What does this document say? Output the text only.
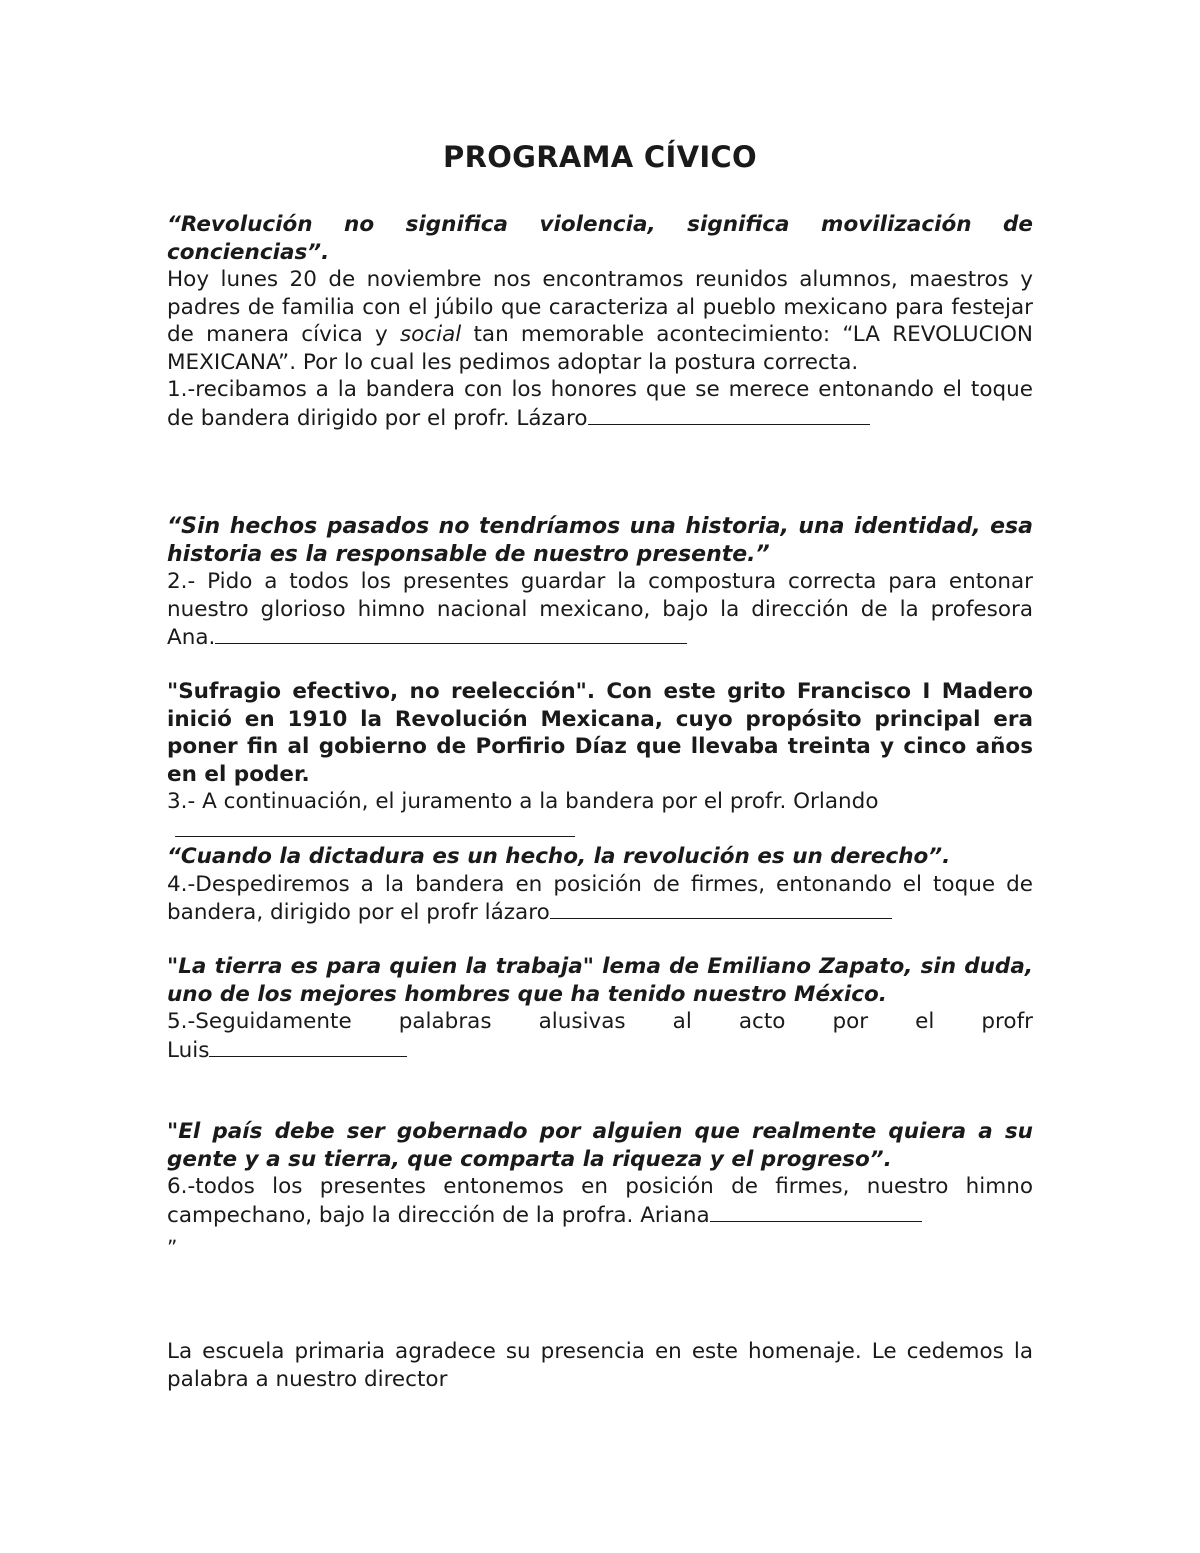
PROGRAMA CÍVICO
“Revolución no significa violencia, significa movilización de conciencias”.
Hoy lunes 20 de noviembre nos encontramos reunidos alumnos, maestros y padres de familia con el júbilo que caracteriza al pueblo mexicano para festejar de manera cívica y social tan memorable acontecimiento: “LA REVOLUCION MEXICANA”. Por lo cual les pedimos adoptar la postura correcta.
1.-recibamos a la bandera con los honores que se merece entonando el toque de bandera dirigido por el profr. Lázaro
“Sin hechos pasados no tendríamos una historia, una identidad, esa historia es la responsable de nuestro presente.”
2.- Pido a todos los presentes guardar la compostura correcta para entonar nuestro glorioso himno nacional mexicano, bajo la dirección de la profesora Ana.
"Sufragio efectivo, no reelección". Con este grito Francisco I Madero inició en 1910 la Revolución Mexicana, cuyo propósito principal era poner fin al gobierno de Porfirio Díaz que llevaba treinta y cinco años en el poder.
3.- A continuación, el juramento a la bandera por el profr. Orlando
“Cuando la dictadura es un hecho, la revolución es un derecho”.
4.-Despediremos a la bandera en posición de firmes, entonando el toque de bandera, dirigido por el profr lázaro
"La tierra es para quien la trabaja" lema de Emiliano Zapato, sin duda, uno de los mejores hombres que ha tenido nuestro México.
5.-Seguidamente palabras alusivas al acto por el profr
Luis
"El país debe ser gobernado por alguien que realmente quiera a su gente y a su tierra, que comparta la riqueza y el progreso”.
6.-todos los presentes entonemos en posición de firmes, nuestro himno campechano, bajo la dirección de la profra. Ariana
„
La escuela primaria agradece su presencia en este homenaje. Le cedemos la palabra a nuestro director
